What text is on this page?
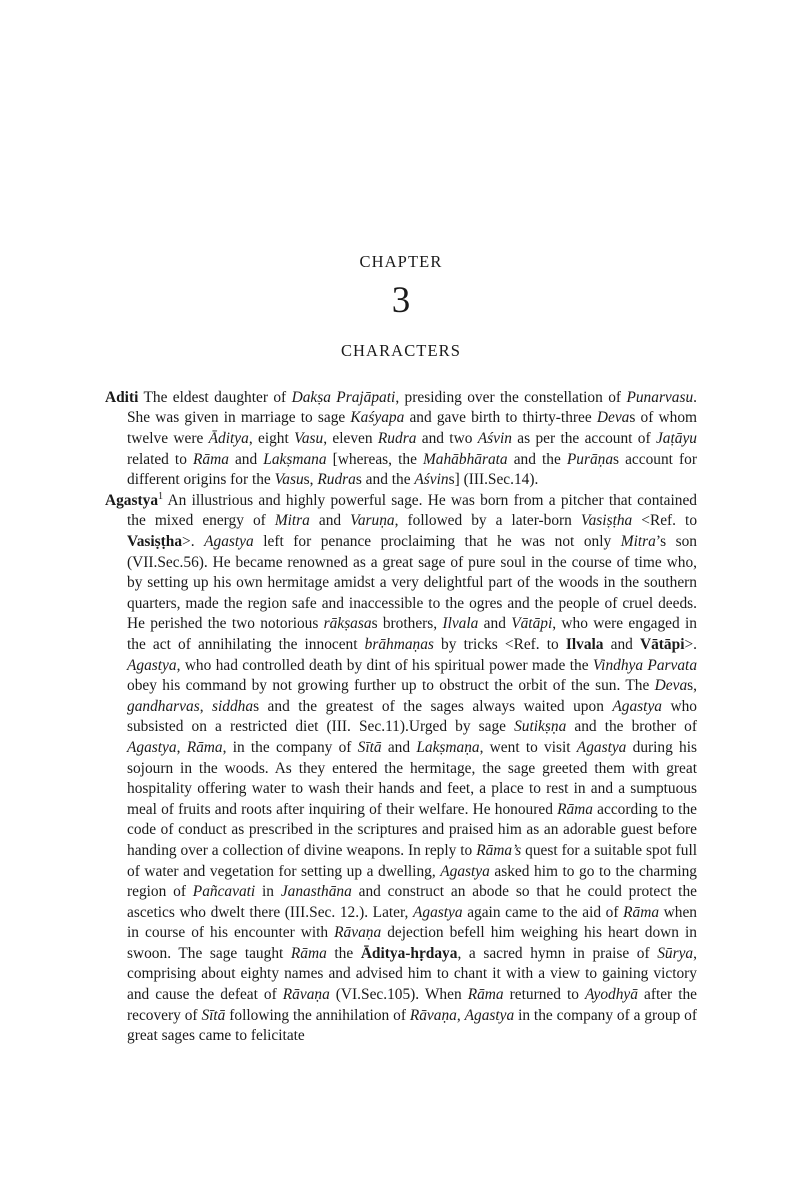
CHAPTER
3
CHARACTERS

Aditi The eldest daughter of Dakṣa Prajāpati, presiding over the constellation of Punarvasu. She was given in marriage to sage Kaśyapa and gave birth to thirty-three Devas of whom twelve were Āditya, eight Vasu, eleven Rudra and two Aśvin as per the account of Jaṭāyu related to Rāma and Lakṣmana [whereas, the Mahābhārata and the Purāṇas account for different origins for the Vasus, Rudras and the Aśvins] (III.Sec.14).

Agastya$^1$ An illustrious and highly powerful sage. He was born from a pitcher that contained the mixed energy of Mitra and Varuṇa, followed by a later-born Vasiṣṭha <Ref. to Vasiṣṭha>. Agastya left for penance proclaiming that he was not only Mitra’s son (VII.Sec.56). He became renowned as a great sage of pure soul in the course of time who, by setting up his own hermitage amidst a very delightful part of the woods in the southern quarters, made the region safe and inaccessible to the ogres and the people of cruel deeds. He perished the two notorious rākṣasas brothers, Ilvala and Vātāpi, who were engaged in the act of annihilating the innocent brāhmaṇas by tricks <Ref. to Ilvala and Vātāpi>. Agastya, who had controlled death by dint of his spiritual power made the Vindhya Parvata obey his command by not growing further up to obstruct the orbit of the sun. The Devas, gandharvas, siddhas and the greatest of the sages always waited upon Agastya who subsisted on a restricted diet (III. Sec.11).Urged by sage Sutikṣṇa and the brother of Agastya, Rāma, in the company of Sītā and Lakṣmaṇa, went to visit Agastya during his sojourn in the woods. As they entered the hermitage, the sage greeted them with great hospitality offering water to wash their hands and feet, a place to rest in and a sumptuous meal of fruits and roots after inquiring of their welfare. He honoured Rāma according to the code of conduct as prescribed in the scriptures and praised him as an adorable guest before handing over a collection of divine weapons. In reply to Rāma’s quest for a suitable spot full of water and vegetation for setting up a dwelling, Agastya asked him to go to the charming region of Pañcavati in Janasthāna and construct an abode so that he could protect the ascetics who dwelt there (III.Sec. 12.). Later, Agastya again came to the aid of Rāma when in course of his encounter with Rāvaṇa dejection befell him weighing his heart down in swoon. The sage taught Rāma the Āditya-hṛdaya, a sacred hymn in praise of Sūrya, comprising about eighty names and advised him to chant it with a view to gaining victory and cause the defeat of Rāvaṇa (VI.Sec.105). When Rāma returned to Ayodhyā after the recovery of Sītā following the annihilation of Rāvaṇa, Agastya in the company of a group of great sages came to felicitate
